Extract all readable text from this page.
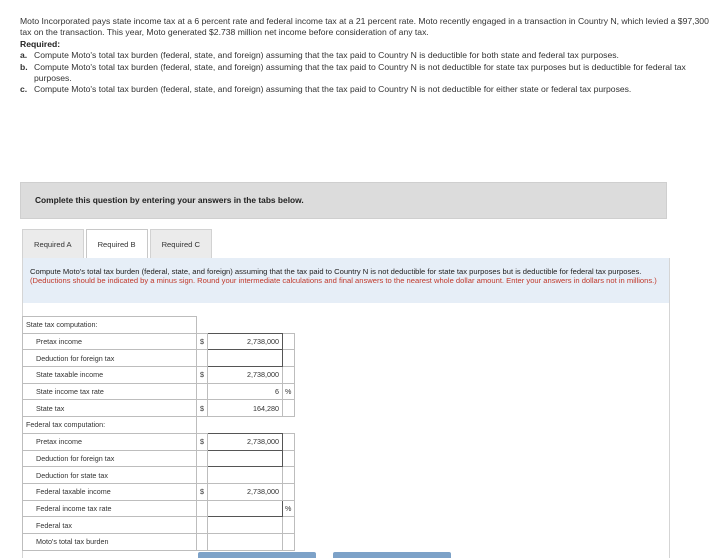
Moto Incorporated pays state income tax at a 6 percent rate and federal income tax at a 21 percent rate. Moto recently engaged in a transaction in Country N, which levied a $97,300 tax on the transaction. This year, Moto generated $2.738 million net income before consideration of any tax.

Required:

a. Compute Moto's total tax burden (federal, state, and foreign) assuming that the tax paid to Country N is deductible for both state and federal tax purposes.

b. Compute Moto's total tax burden (federal, state, and foreign) assuming that the tax paid to Country N is not deductible for state tax purposes but is deductible for federal tax purposes.

c. Compute Moto's total tax burden (federal, state, and foreign) assuming that the tax paid to Country N is not deductible for either state or federal tax purposes.

Complete this question by entering your answers in the tabs below.
Required A	Required B	Required C
Compute Moto's total tax burden (federal, state, and foreign) assuming that the tax paid to Country N is not deductible for state tax purposes but is deductible for federal tax purposes. (Deductions should be indicated by a minus sign. Round your intermediate calculations and final answers to the nearest whole dollar amount. Enter your answers in dollars not in millions.)
State tax computation:			
Pretax income	$	2,738,000	
Deduction for foreign tax			
State taxable income	$	2,738,000	
State income tax rate		6	%
State tax	$	164,280	
Federal tax computation:			
Pretax income	$	2,738,000	
Deduction for foreign tax			
Deduction for state tax			
Federal taxable income	$	2,738,000	
Federal income tax rate			%
Federal tax			
Moto's total tax burden			
